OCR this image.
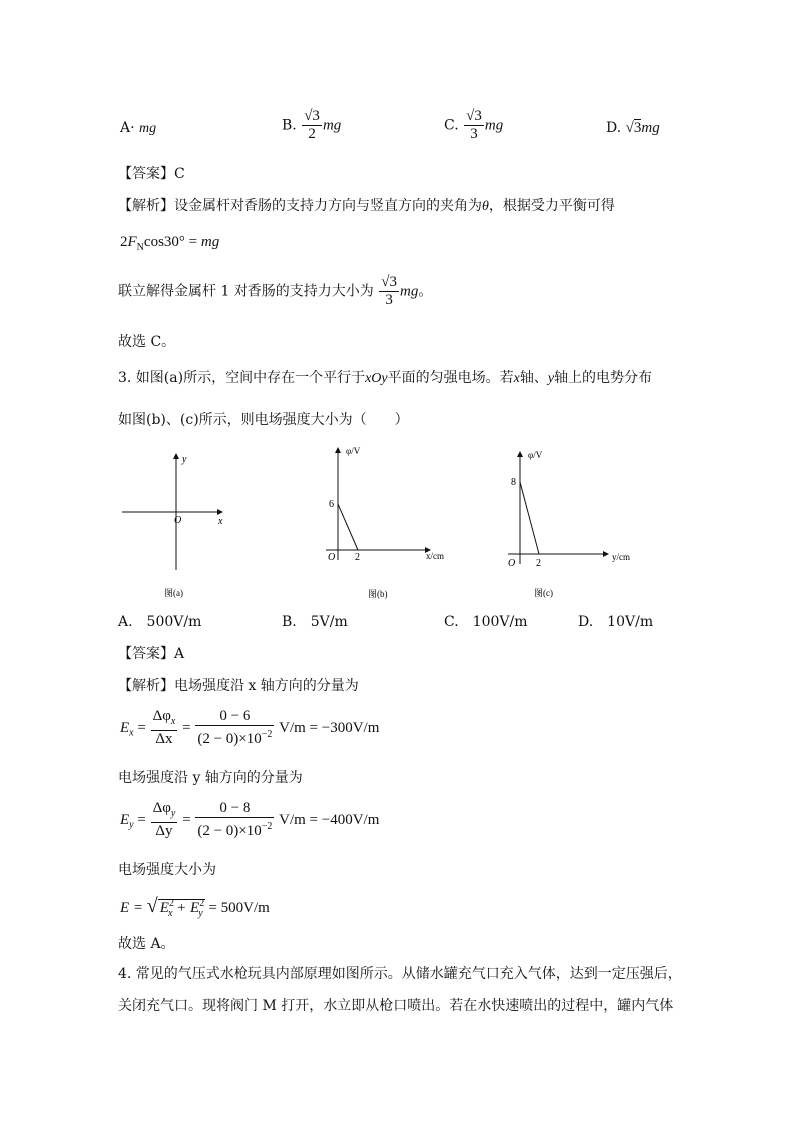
A· mg	B. $\frac{√3}{2}$ mg	C. $\frac{√3}{3}$ mg	D. √3mg
【答案】C
【解析】设金属杆对香肠的支持力方向与竖直方向的夹角为θ，根据受力平衡可得
$2F_N\cos 30^\circ$ = mg
联立解得金属杆 1 对香肠的支持力大小为 $\frac{√3}{3}$ mg。
故选 C。
3. 如图(a)所示，空间中存在一个平行于xOy平面的匀强电场。若x轴、y轴上的电势分布
如图(b)、(c)所示，则电场强度大小为（　　）
y
x
O
图(a)
φ/V
x/cm
O
6
2
图(b)
φ/V
y/cm
O
8
2
图(c)
A.　500V/m	B.　5V/m	C.　100V/m	D.　10V/m
【答案】A
【解析】电场强度沿 x 轴方向的分量为
$E_x = \frac{\Delta\varphi_x}{\Delta x} = \frac{0 - 6}{(2 - 0)\times 10^{-2}} V/m = -300V/m$
电场强度沿 y 轴方向的分量为
$E_y = \frac{\Delta\varphi_y}{\Delta y} = \frac{0 - 8}{(2 - 0)\times 10^{-2}} V/m = -400V/m$
电场强度大小为
E = √ $E^2_x + E^2_y = 500V/m$
故选 A。
4. 常见的气压式水枪玩具内部原理如图所示。从储水罐充气口充入气体，达到一定压强后，
关闭充气口。现将阀门 M 打开，水立即从枪口喷出。若在水快速喷出的过程中，罐内气体
